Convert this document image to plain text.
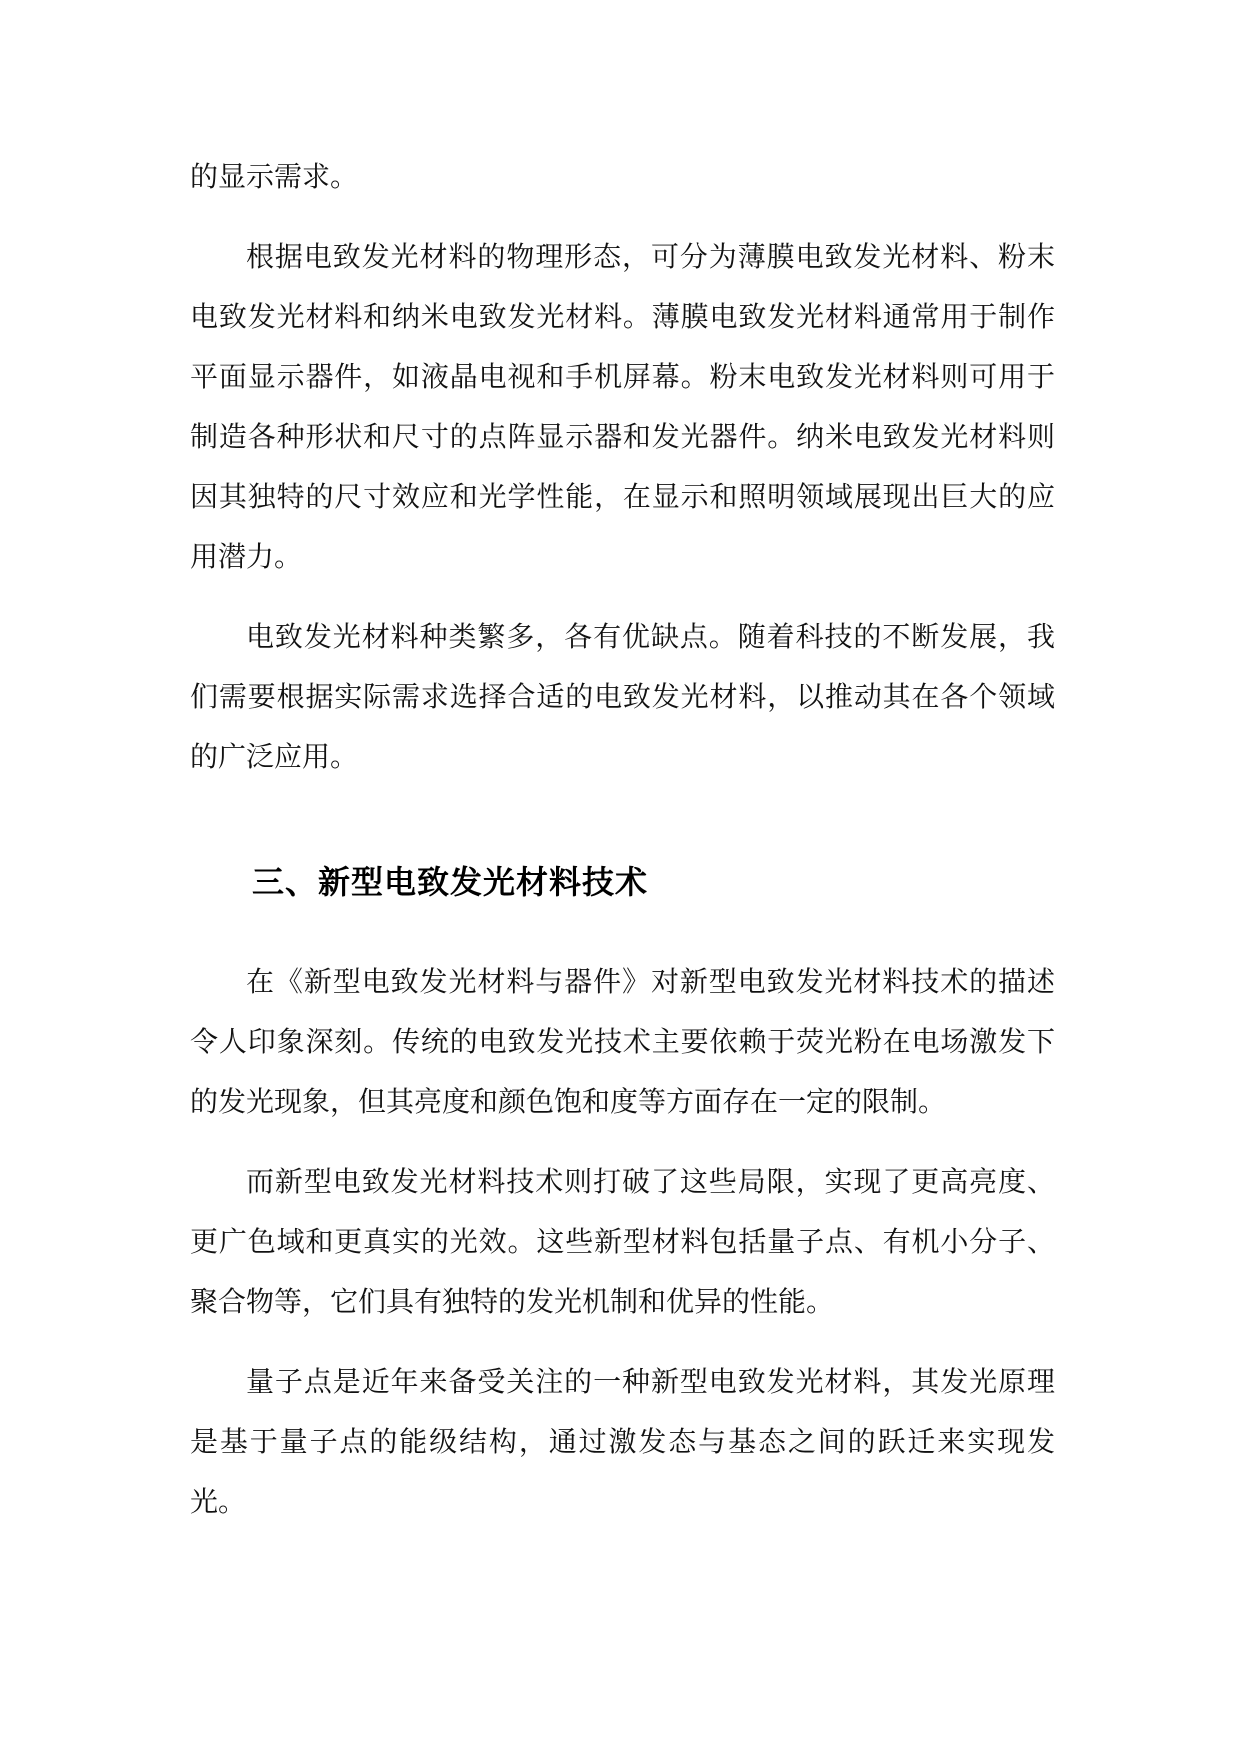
的显示需求。

根据电致发光材料的物理形态，可分为薄膜电致发光材料、粉末电致发光材料和纳米电致发光材料。薄膜电致发光材料通常用于制作平面显示器件，如液晶电视和手机屏幕。粉末电致发光材料则可用于制造各种形状和尺寸的点阵显示器和发光器件。纳米电致发光材料则因其独特的尺寸效应和光学性能，在显示和照明领域展现出巨大的应用潜力。

电致发光材料种类繁多，各有优缺点。随着科技的不断发展，我们需要根据实际需求选择合适的电致发光材料，以推动其在各个领域的广泛应用。

三、新型电致发光材料技术

在《新型电致发光材料与器件》对新型电致发光材料技术的描述令人印象深刻。传统的电致发光技术主要依赖于荧光粉在电场激发下的发光现象，但其亮度和颜色饱和度等方面存在一定的限制。

而新型电致发光材料技术则打破了这些局限，实现了更高亮度、更广色域和更真实的光效。这些新型材料包括量子点、有机小分子、聚合物等，它们具有独特的发光机制和优异的性能。

量子点是近年来备受关注的一种新型电致发光材料，其发光原理是基于量子点的能级结构，通过激发态与基态之间的跃迁来实现发光。
